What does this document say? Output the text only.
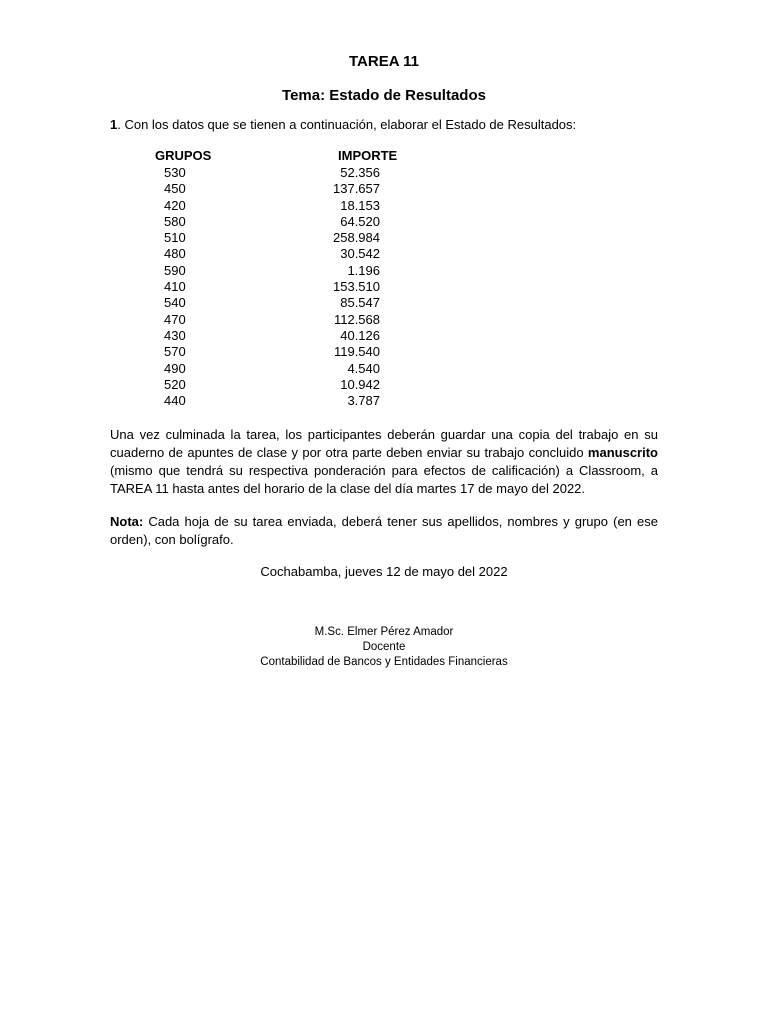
TAREA 11
Tema: Estado de Resultados
1. Con los datos que se tienen a continuación, elaborar el Estado de Resultados:
GRUPOS	IMPORTE
530	52.356
450	137.657
420	18.153
580	64.520
510	258.984
480	30.542
590	1.196
410	153.510
540	85.547
470	112.568
430	40.126
570	119.540
490	4.540
520	10.942
440	3.787
Una vez culminada la tarea, los participantes deberán guardar una copia del trabajo en su cuaderno de apuntes de clase y por otra parte deben enviar su trabajo concluido manuscrito (mismo que tendrá su respectiva ponderación para efectos de calificación) a Classroom, a TAREA 11 hasta antes del horario de la clase del día martes 17 de mayo del 2022.
Nota: Cada hoja de su tarea enviada, deberá tener sus apellidos, nombres y grupo (en ese orden), con bolígrafo.
Cochabamba, jueves 12 de mayo del 2022
M.Sc. Elmer Pérez Amador
Docente
Contabilidad de Bancos y Entidades Financieras
